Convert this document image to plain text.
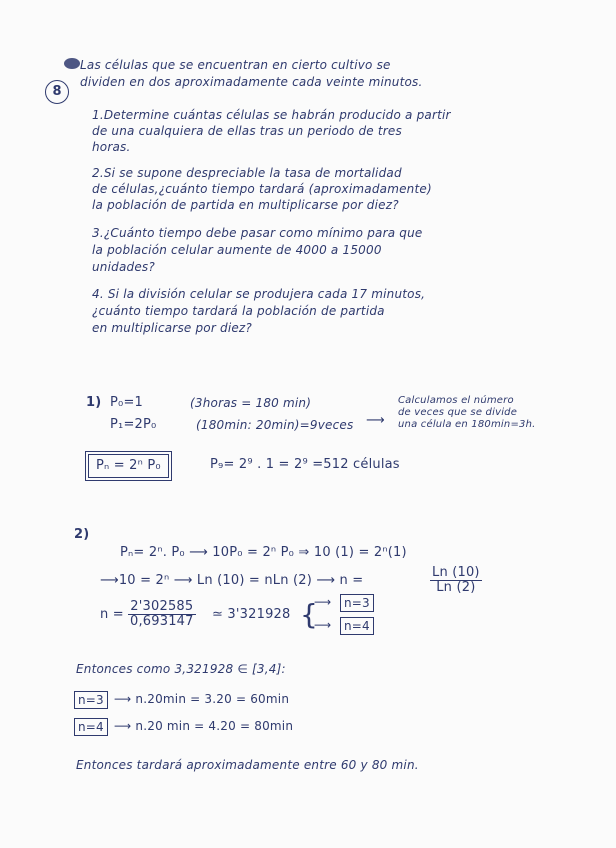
8
Las células que se encuentran en cierto cultivo se
dividen en dos aproximadamente cada veinte minutos.
1.Determine cuántas células se habrán producido a partir
de una cualquiera de ellas tras un periodo de tres
horas.
2.Si se supone despreciable la tasa de mortalidad
de células,¿cuánto tiempo tardará (aproximadamente)
la población de partida en multiplicarse por diez?
3.¿Cuánto tiempo debe pasar como mínimo para que
la población celular aumente de 4000 a 15000
unidades?
4. Si la división celular se produjera cada 17 minutos,
¿cuánto tiempo tardará la población de partida
en multiplicarse por diez?
1) P₀=1
P₁=2P₀
(3horas = 180 min)
(180min: 20min)=9veces ⟶
Calculamos el número
de veces que se divide
una célula en 180min=3h.
Pₙ = 2ⁿ P₀	P₉= 2⁹ . 1 = 2⁹ =512 células
2)
Pₙ= 2ⁿ. P₀ ⟶ 10P₀ = 2ⁿ P₀ ⇒ 10 (1) = 2ⁿ(1)
⟶10 = 2ⁿ ⟶ Ln (10) = nLn (2) ⟶ n =	$\frac{Ln (10)}{Ln (2)}$
$n = \frac{2'302585}{0,693147}$ ≃ 3'321928 {
⟶	n=3
⟶	n=4
Entonces como 3,321928 ∈ [3,4]:
n=3 ⟶ n.20min = 3.20 = 60min
n=4 ⟶ n.20 min = 4.20 = 80min
Entonces tardará aproximadamente entre 60 y 80 min.
